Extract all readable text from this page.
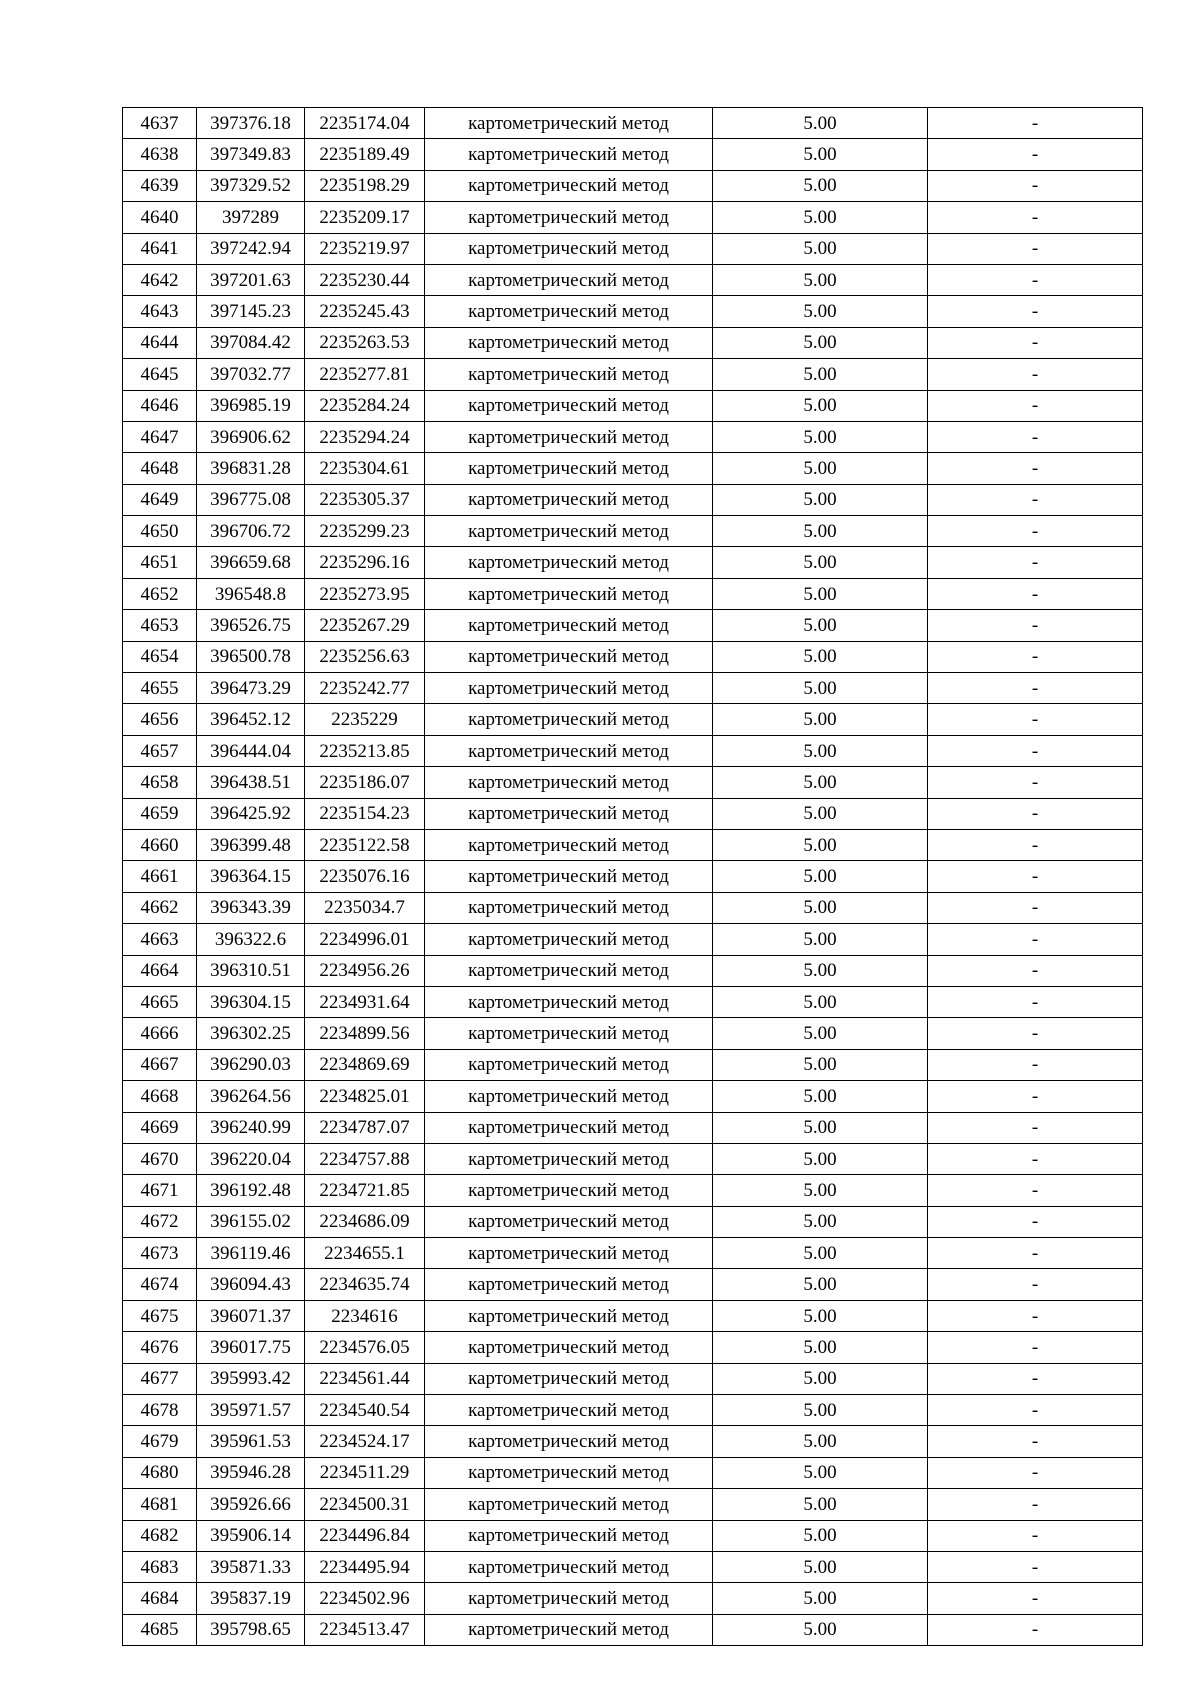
4637	397376.18	2235174.04	картометрический метод	5.00	-
4638	397349.83	2235189.49	картометрический метод	5.00	-
4639	397329.52	2235198.29	картометрический метод	5.00	-
4640	397289	2235209.17	картометрический метод	5.00	-
4641	397242.94	2235219.97	картометрический метод	5.00	-
4642	397201.63	2235230.44	картометрический метод	5.00	-
4643	397145.23	2235245.43	картометрический метод	5.00	-
4644	397084.42	2235263.53	картометрический метод	5.00	-
4645	397032.77	2235277.81	картометрический метод	5.00	-
4646	396985.19	2235284.24	картометрический метод	5.00	-
4647	396906.62	2235294.24	картометрический метод	5.00	-
4648	396831.28	2235304.61	картометрический метод	5.00	-
4649	396775.08	2235305.37	картометрический метод	5.00	-
4650	396706.72	2235299.23	картометрический метод	5.00	-
4651	396659.68	2235296.16	картометрический метод	5.00	-
4652	396548.8	2235273.95	картометрический метод	5.00	-
4653	396526.75	2235267.29	картометрический метод	5.00	-
4654	396500.78	2235256.63	картометрический метод	5.00	-
4655	396473.29	2235242.77	картометрический метод	5.00	-
4656	396452.12	2235229	картометрический метод	5.00	-
4657	396444.04	2235213.85	картометрический метод	5.00	-
4658	396438.51	2235186.07	картометрический метод	5.00	-
4659	396425.92	2235154.23	картометрический метод	5.00	-
4660	396399.48	2235122.58	картометрический метод	5.00	-
4661	396364.15	2235076.16	картометрический метод	5.00	-
4662	396343.39	2235034.7	картометрический метод	5.00	-
4663	396322.6	2234996.01	картометрический метод	5.00	-
4664	396310.51	2234956.26	картометрический метод	5.00	-
4665	396304.15	2234931.64	картометрический метод	5.00	-
4666	396302.25	2234899.56	картометрический метод	5.00	-
4667	396290.03	2234869.69	картометрический метод	5.00	-
4668	396264.56	2234825.01	картометрический метод	5.00	-
4669	396240.99	2234787.07	картометрический метод	5.00	-
4670	396220.04	2234757.88	картометрический метод	5.00	-
4671	396192.48	2234721.85	картометрический метод	5.00	-
4672	396155.02	2234686.09	картометрический метод	5.00	-
4673	396119.46	2234655.1	картометрический метод	5.00	-
4674	396094.43	2234635.74	картометрический метод	5.00	-
4675	396071.37	2234616	картометрический метод	5.00	-
4676	396017.75	2234576.05	картометрический метод	5.00	-
4677	395993.42	2234561.44	картометрический метод	5.00	-
4678	395971.57	2234540.54	картометрический метод	5.00	-
4679	395961.53	2234524.17	картометрический метод	5.00	-
4680	395946.28	2234511.29	картометрический метод	5.00	-
4681	395926.66	2234500.31	картометрический метод	5.00	-
4682	395906.14	2234496.84	картометрический метод	5.00	-
4683	395871.33	2234495.94	картометрический метод	5.00	-
4684	395837.19	2234502.96	картометрический метод	5.00	-
4685	395798.65	2234513.47	картометрический метод	5.00	-
